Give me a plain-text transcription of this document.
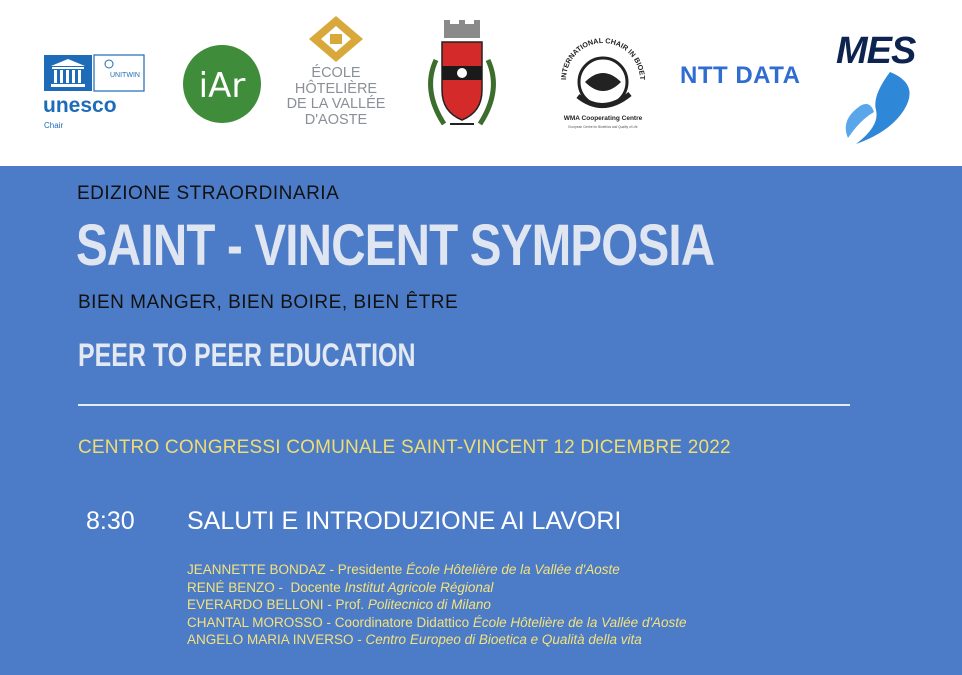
UNITWIN
unesco
Chair
iAr	ÉCOLE
HÔTELIÈRE
DE LA VALLÉE
D'AOSTE
INTERNATIONAL CHAIR IN BIOET
WMA Cooperating Centre
European Centre for Bioethics and Quality of Life
NTT DATA
MES
EDIZIONE STRAORDINARIA
SAINT - VINCENT SYMPOSIA
BIEN MANGER, BIEN BOIRE, BIEN ÊTRE
PEER TO PEER EDUCATION
CENTRO CONGRESSI COMUNALE SAINT-VINCENT 12 DICEMBRE 2022
8:30 SALUTI E INTRODUZIONE AI LAVORI
JEANNETTE BONDAZ - Presidente École Hôtelière de la Vallée d'Aoste
RENÉ BENZO -  Docente Institut Agricole Régional
EVERARDO BELLONI - Prof. Politecnico di Milano
CHANTAL MOROSSO - Coordinatore Didattico École Hôtelière de la Vallée d'Aoste
ANGELO MARIA INVERSO - Centro Europeo di Bioetica e Qualità della vita
